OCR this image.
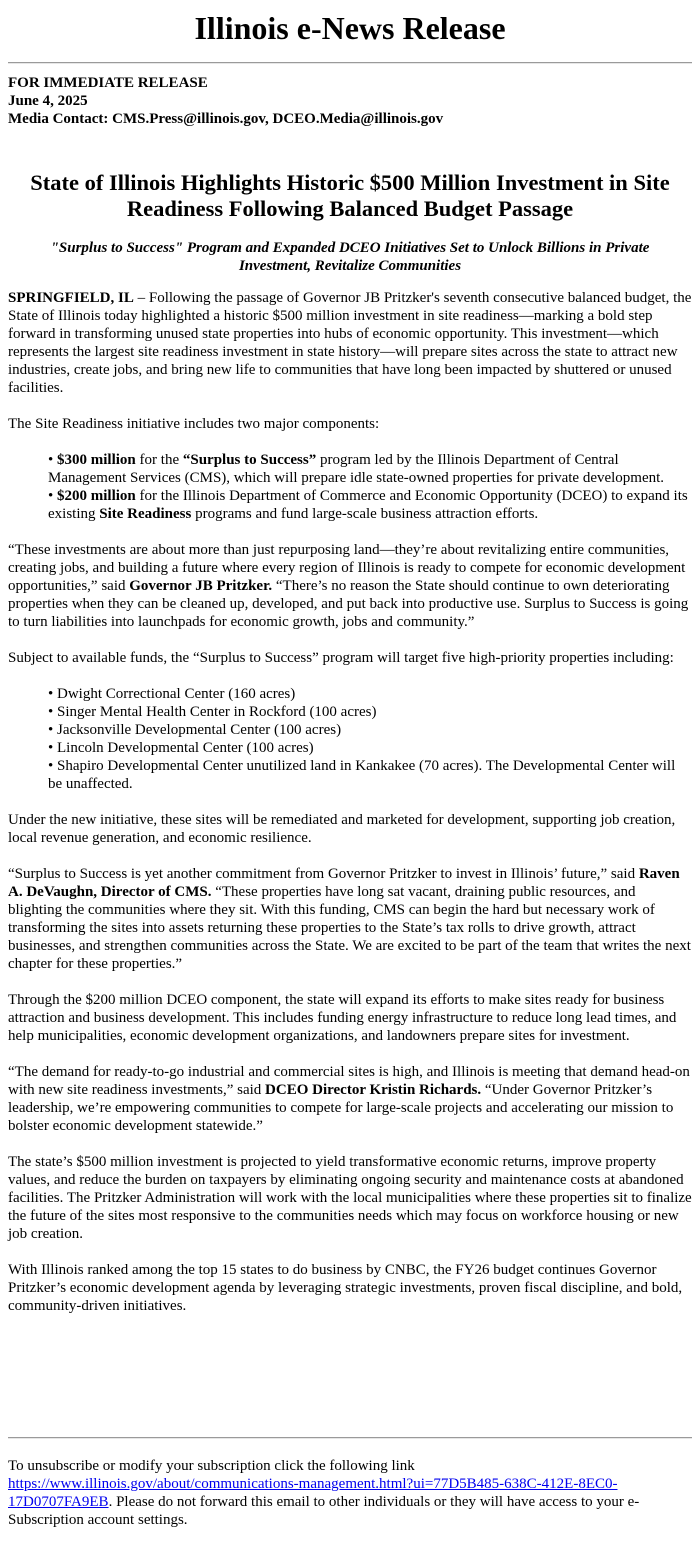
Illinois e-News Release
FOR IMMEDIATE RELEASE
June 4, 2025
Media Contact: CMS.Press@illinois.gov, DCEO.Media@illinois.gov
State of Illinois Highlights Historic $500 Million Investment in Site Readiness Following Balanced Budget Passage
"Surplus to Success" Program and Expanded DCEO Initiatives Set to Unlock Billions in Private Investment, Revitalize Communities

SPRINGFIELD, IL – Following the passage of Governor JB Pritzker's seventh consecutive balanced budget, the State of Illinois today highlighted a historic $500 million investment in site readiness—marking a bold step forward in transforming unused state properties into hubs of economic opportunity. This investment—which represents the largest site readiness investment in state history—will prepare sites across the state to attract new industries, create jobs, and bring new life to communities that have long been impacted by shuttered or unused facilities.

The Site Readiness initiative includes two major components:

• $300 million for the “Surplus to Success” program led by the Illinois Department of Central Management Services (CMS), which will prepare idle state-owned properties for private development.
• $200 million for the Illinois Department of Commerce and Economic Opportunity (DCEO) to expand its existing Site Readiness programs and fund large-scale business attraction efforts.

“These investments are about more than just repurposing land—they’re about revitalizing entire communities, creating jobs, and building a future where every region of Illinois is ready to compete for economic development opportunities,” said Governor JB Pritzker. “There’s no reason the State should continue to own deteriorating properties when they can be cleaned up, developed, and put back into productive use. Surplus to Success is going to turn liabilities into launchpads for economic growth, jobs and community.”

Subject to available funds, the “Surplus to Success” program will target five high-priority properties including:

• Dwight Correctional Center (160 acres)
• Singer Mental Health Center in Rockford (100 acres)
• Jacksonville Developmental Center (100 acres)
• Lincoln Developmental Center (100 acres)
• Shapiro Developmental Center unutilized land in Kankakee (70 acres). The Developmental Center will be unaffected.

Under the new initiative, these sites will be remediated and marketed for development, supporting job creation, local revenue generation, and economic resilience.

“Surplus to Success is yet another commitment from Governor Pritzker to invest in Illinois’ future,” said Raven A. DeVaughn, Director of CMS. “These properties have long sat vacant, draining public resources, and blighting the communities where they sit. With this funding, CMS can begin the hard but necessary work of transforming the sites into assets returning these properties to the State’s tax rolls to drive growth, attract businesses, and strengthen communities across the State. We are excited to be part of the team that writes the next chapter for these properties.”

Through the $200 million DCEO component, the state will expand its efforts to make sites ready for business attraction and business development. This includes funding energy infrastructure to reduce long lead times, and help municipalities, economic development organizations, and landowners prepare sites for investment.

“The demand for ready-to-go industrial and commercial sites is high, and Illinois is meeting that demand head-on with new site readiness investments,” said DCEO Director Kristin Richards. “Under Governor Pritzker’s leadership, we’re empowering communities to compete for large-scale projects and accelerating our mission to bolster economic development statewide.”

The state’s $500 million investment is projected to yield transformative economic returns, improve property values, and reduce the burden on taxpayers by eliminating ongoing security and maintenance costs at abandoned facilities. The Pritzker Administration will work with the local municipalities where these properties sit to finalize the future of the sites most responsive to the communities needs which may focus on workforce housing or new job creation.

With Illinois ranked among the top 15 states to do business by CNBC, the FY26 budget continues Governor Pritzker’s economic development agenda by leveraging strategic investments, proven fiscal discipline, and bold, community-driven initiatives.

To unsubscribe or modify your subscription click the following link https://www.illinois.gov/about/communications-management.html?ui=77D5B485-638C-412E-8EC0-17D0707FA9EB. Please do not forward this email to other individuals or they will have access to your e-Subscription account settings.
